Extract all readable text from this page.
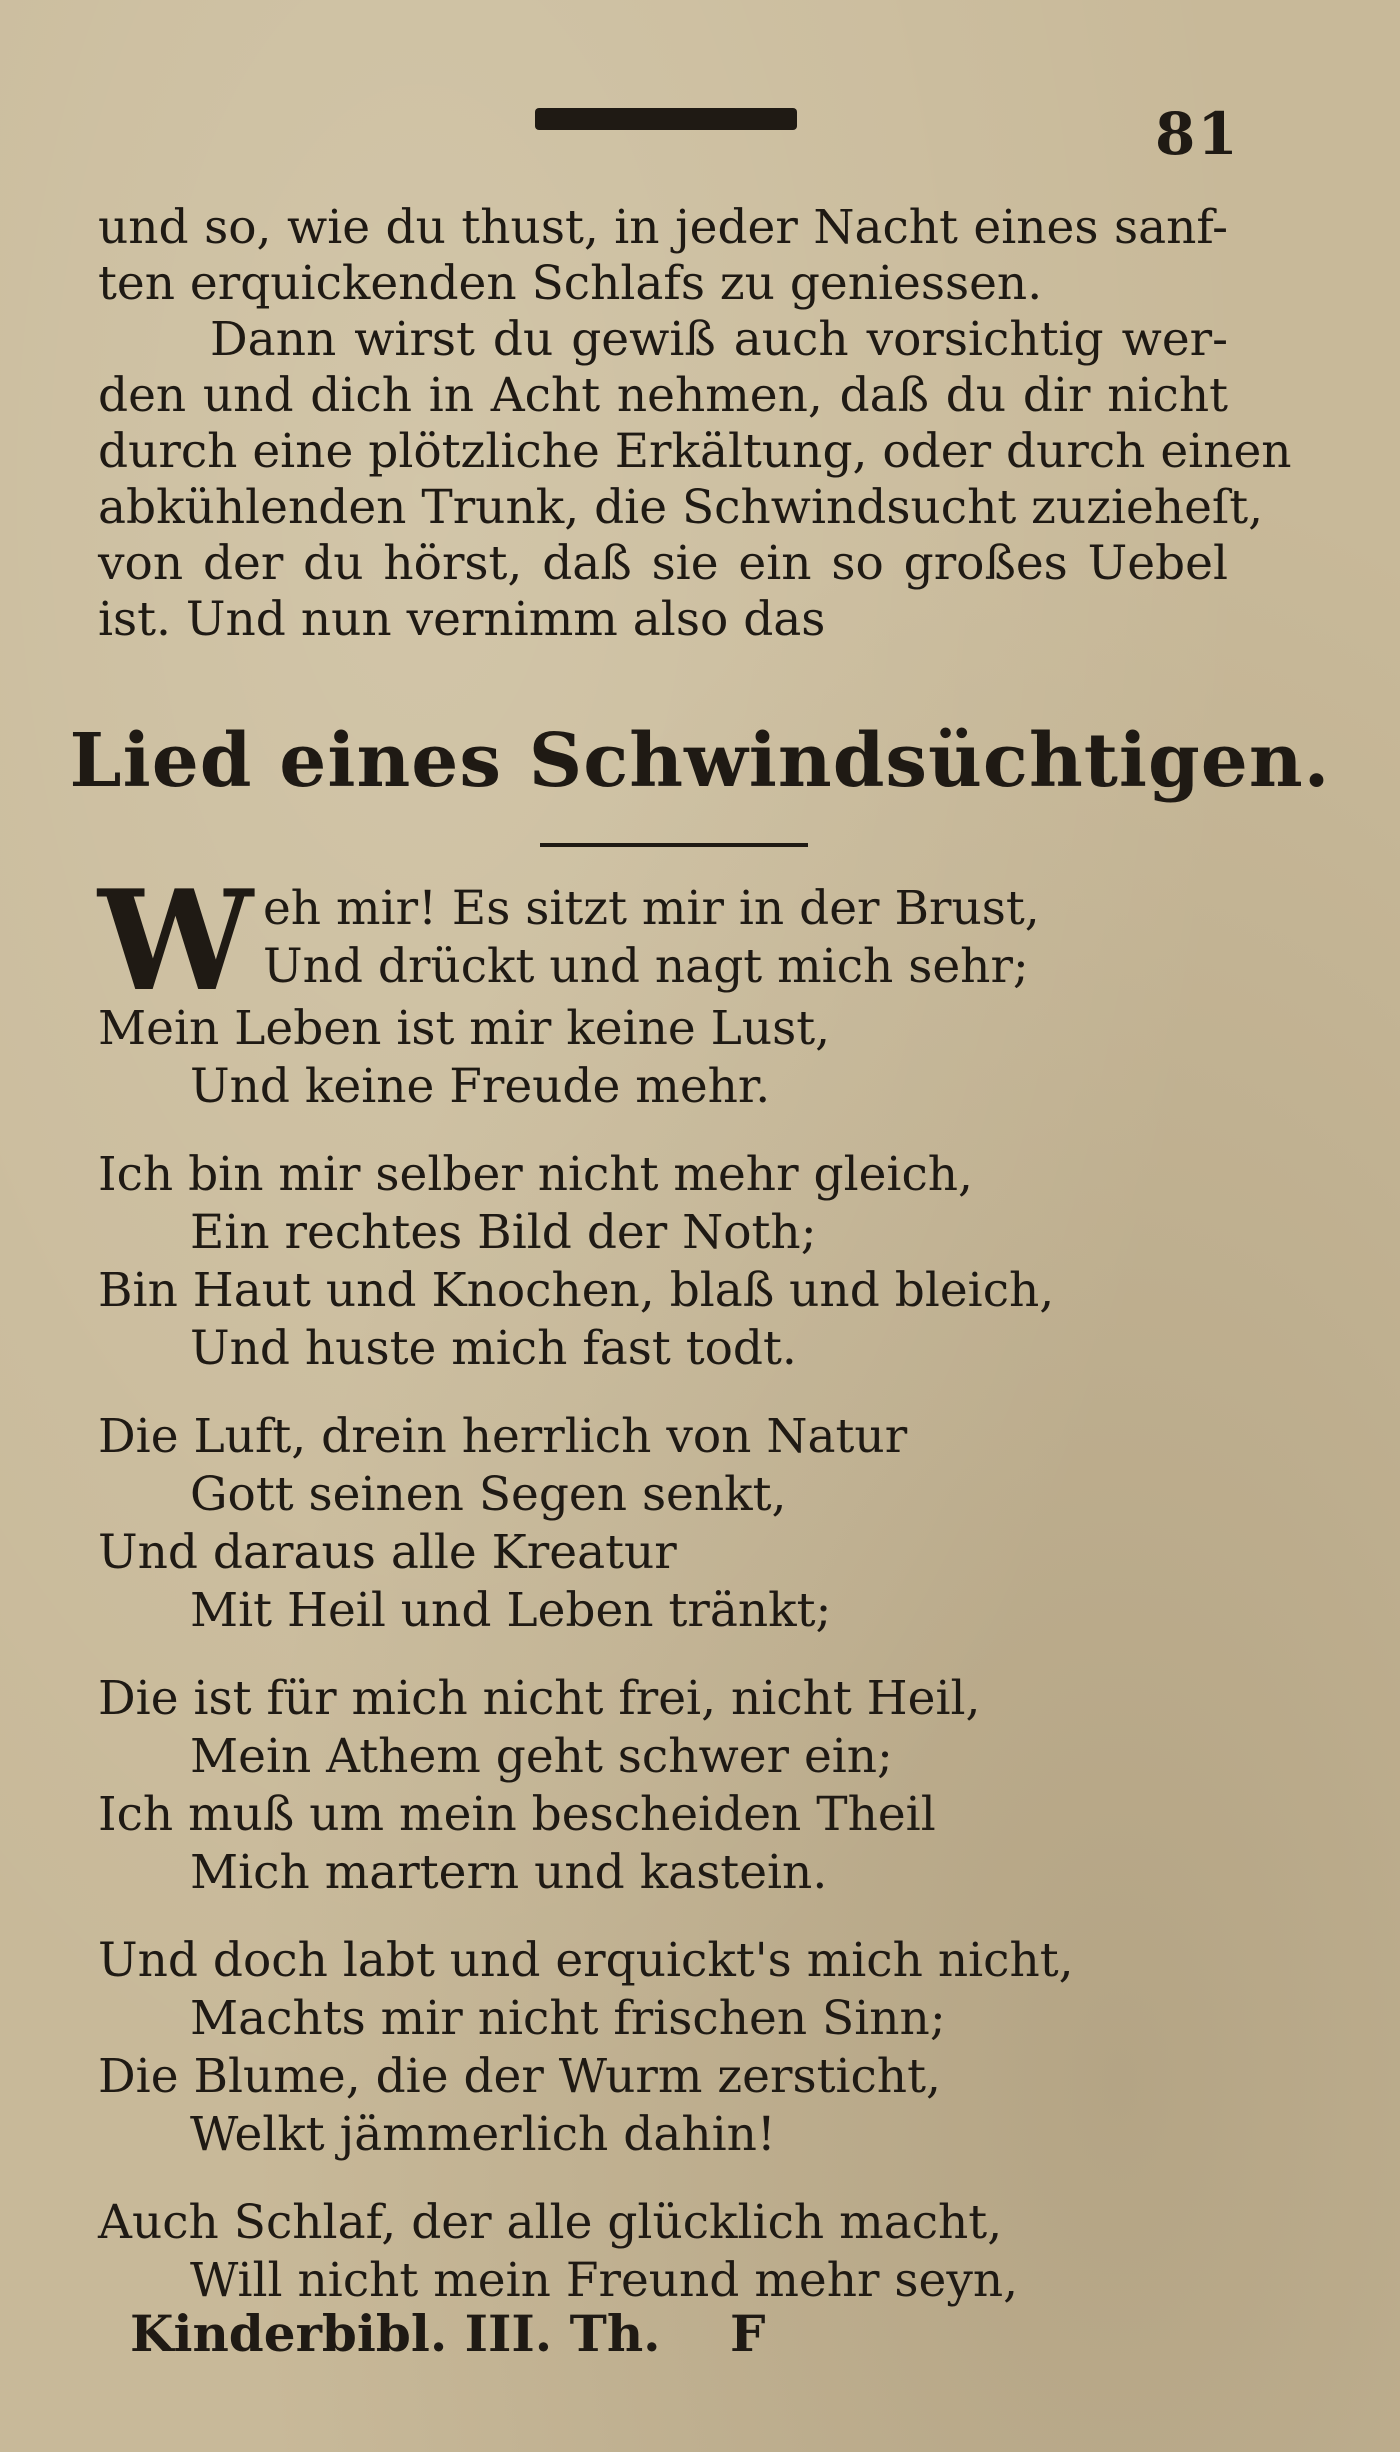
81
und so, wie du thust, in jeder Nacht eines sanf-
ten erquickenden Schlafs zu geniessen.
Dann wirst du gewiß auch vorsichtig wer-
den und dich in Acht nehmen, daß du dir nicht
durch eine plötzliche Erkältung, oder durch einen
abkühlenden Trunk, die Schwindsucht zuzieheſt,
von der du hörst, daß sie ein so großes Uebel
ist. Und nun vernimm also das
Lied eines Schwindsüchtigen.
W eh mir! Es sitzt mir in der Brust,
Und drückt und nagt mich sehr;
Mein Leben ist mir keine Lust,
Und keine Freude mehr.
Ich bin mir selber nicht mehr gleich,
Ein rechtes Bild der Noth;
Bin Haut und Knochen, blaß und bleich,
Und huste mich fast todt.
Die Luft, drein herrlich von Natur
Gott seinen Segen senkt,
Und daraus alle Kreatur
Mit Heil und Leben tränkt;
Die ist für mich nicht frei, nicht Heil,
Mein Athem geht schwer ein;
Ich muß um mein bescheiden Theil
Mich martern und kastein.
Und doch labt und erquickt's mich nicht,
Machts mir nicht frischen Sinn;
Die Blume, die der Wurm zersticht,
Welkt jämmerlich dahin!
Auch Schlaf, der alle glücklich macht,
Will nicht mein Freund mehr seyn,
Kinderbibl. III. Th. F
